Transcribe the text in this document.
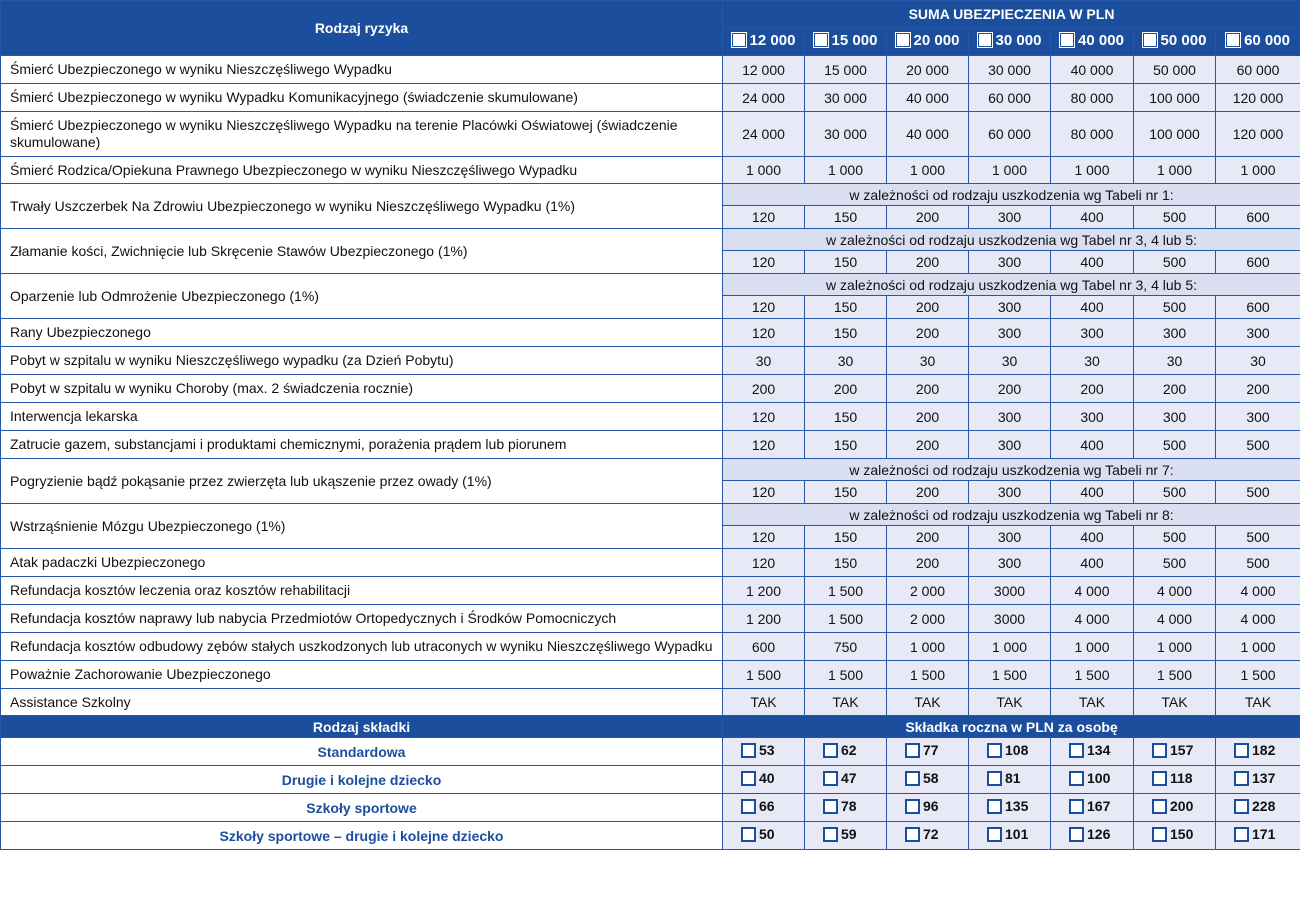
Rodzaj ryzyka	SUMA UBEZPIECZENIA W PLN						

	12 000	15 000	20 000	30 000	40 000	50 000	60 000

Śmierć Ubezpieczonego w wyniku Nieszczęśliwego Wypadku	12 000	15 000	20 000	30 000	40 000	50 000	60 000
Śmierć Ubezpieczonego w wyniku Wypadku Komunikacyjnego (świadczenie skumulowane)	24 000	30 000	40 000	60 000	80 000	100 000	120 000
Śmierć Ubezpieczonego w wyniku Nieszczęśliwego Wypadku na terenie Placówki Oświatowej (świadczenie skumulowane)	24 000	30 000	40 000	60 000	80 000	100 000	120 000
Śmierć Rodzica/Opiekuna Prawnego Ubezpieczonego w wyniku Nieszczęśliwego Wypadku	1 000	1 000	1 000	1 000	1 000	1 000	1 000
Trwały Uszczerbek Na Zdrowiu Ubezpieczonego w wyniku Nieszczęśliwego Wypadku (1%)	w zależności od rodzaju uszkodzenia wg Tabeli nr 1:						
	120	150	200	300	400	500	600
Złamanie kości, Zwichnięcie lub Skręcenie Stawów Ubezpieczonego (1%)	w zależności od rodzaju uszkodzenia wg Tabel nr 3, 4 lub 5:						
	120	150	200	300	400	500	600
Oparzenie lub Odmrożenie Ubezpieczonego (1%)	w zależności od rodzaju uszkodzenia wg Tabel nr 3, 4 lub 5:						
	120	150	200	300	400	500	600
Rany Ubezpieczonego	120	150	200	300	300	300	300
Pobyt w szpitalu w wyniku Nieszczęśliwego wypadku (za Dzień Pobytu)	30	30	30	30	30	30	30
Pobyt w szpitalu w wyniku Choroby (max. 2 świadczenia rocznie)	200	200	200	200	200	200	200
Interwencja lekarska	120	150	200	300	300	300	300
Zatrucie gazem, substancjami i produktami chemicznymi, porażenia prądem lub piorunem	120	150	200	300	400	500	500
Pogryzienie bądź pokąsanie przez zwierzęta lub ukąszenie przez owady (1%)	w zależności od rodzaju uszkodzenia wg Tabeli nr 7:						
	120	150	200	300	400	500	500
Wstrząśnienie Mózgu Ubezpieczonego (1%)	w zależności od rodzaju uszkodzenia wg Tabeli nr 8:						
	120	150	200	300	400	500	500
Atak padaczki Ubezpieczonego	120	150	200	300	400	500	500
Refundacja kosztów leczenia oraz kosztów rehabilitacji	1 200	1 500	2 000	3000	4 000	4 000	4 000
Refundacja kosztów naprawy lub nabycia Przedmiotów Ortopedycznych i Środków Pomocniczych	1 200	1 500	2 000	3000	4 000	4 000	4 000
Refundacja kosztów odbudowy zębów stałych uszkodzonych lub utraconych w wyniku Nieszczęśliwego Wypadku	600	750	1 000	1 000	1 000	1 000	1 000
Poważnie Zachorowanie Ubezpieczonego	1 500	1 500	1 500	1 500	1 500	1 500	1 500
Assistance Szkolny	TAK	TAK	TAK	TAK	TAK	TAK	TAK
Rodzaj składki	Składka roczna w PLN za osobę						
Standardowa	53	62	77	108	134	157	182

Drugie i kolejne dziecko	40	47	58	81	100	118	137

Szkoły sportowe	66	78	96	135	167	200	228

Szkoły sportowe – drugie i kolejne dziecko	50	59	72	101	126	150	171
